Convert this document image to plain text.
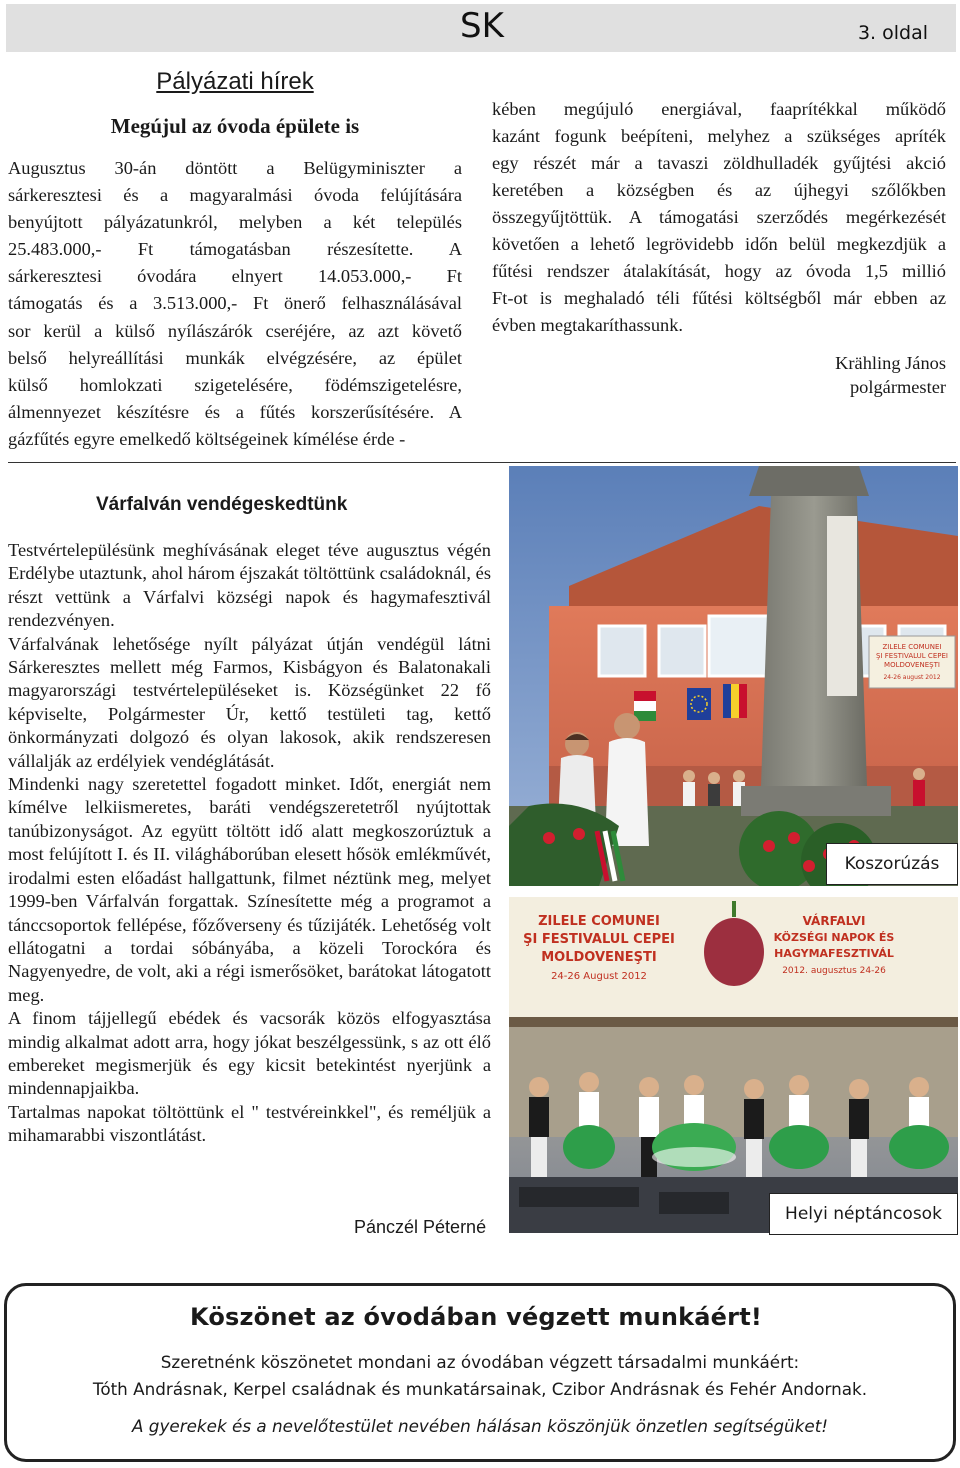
SK	3. oldal
Pályázati hírek
Megújul az óvoda épülete is
Augusztus 30-án döntött a Belügyminiszter a
sárkeresztesi és a magyaralmási óvoda felújítására
benyújtott pályázatunkról, melyben a két település
25.483.000,- Ft támogatásban részesítette. A
sárkeresztesi óvodára elnyert 14.053.000,- Ft
támogatás és a 3.513.000,- Ft önerő felhasználásával
sor kerül a külső nyílászárók cseréjére, az azt követő
belső helyreállítási munkák elvégzésére, az épület
külső homlokzati szigetelésére, födémszigetelésre,
álmennyezet készítésre és a fűtés korszerűsítésére. A
gázfűtés egyre emelkedő költségeinek kímélése érde -
kében megújuló energiával, faaprítékkal működő
kazánt fogunk beépíteni, melyhez a szükséges apríték
egy részét már a tavaszi zöldhulladék gyűjtési akció
keretében a községben és az újhegyi szőlőkben
összegyűjtöttük. A támogatási szerződés megérkezését
követően a lehető legrövidebb időn belül megkezdjük a
fűtési rendszer átalakítását, hogy az óvoda 1,5 millió
Ft-ot is meghaladó téli fűtési költségből már ebben az
évben megtakaríthassunk.
Krähling János
polgármester
Várfalván vendégeskedtünk

Testvértelepülésünk meghívásának eleget téve augusztus végén Erdélybe utaztunk, ahol három éjszakát töltöttünk családoknál, és részt vettünk a Várfalvi községi napok és hagymafesztivál rendezvényen.

Várfalvának lehetősége nyílt pályázat útján vendégül látni Sárkeresztes mellett még Farmos, Kisbágyon és Balatonakali magyarországi testvértelepüléseket is. Községünket 22 fő képviselte, Polgármester Úr, kettő testületi tag, kettő önkormányzati dolgozó és olyan lakosok, akik rendszeresen vállalják az erdélyiek vendéglátását.

Mindenki nagy szeretettel fogadott minket. Időt, energiát nem kímélve lelkiismeretes, baráti vendégszeretetről nyújtottak tanúbizonyságot. Az együtt töltött idő alatt megkoszorúztuk a most felújított I. és II. világháborúban elesett hősök emlékművét, irodalmi esten előadást hallgattunk, filmet néztünk meg, melyet 1999-ben Várfalván forgattak. Színesítette még a programot a tánccsoportok fellépése, főzőverseny és tűzijáték. Lehetőség volt ellátogatni a tordai sóbányába, a közeli Torockóra és Nagyenyedre, de volt, aki a régi ismerősöket, barátokat látogatott meg.

A finom tájjellegű ebédek és vacsorák közös elfogyasztása mindig alkalmat adott arra, hogy jókat beszélgessünk, s az ott élő embereket megismerjük és egy kicsit betekintést nyerjünk a mindennapjaikba.

Tartalmas napokat töltöttünk el " testvéreinkkel", és reméljük a mihamarabbi viszontlátást.

Pánczél Péterné
ZILELE COMUNEI
ŞI FESTIVALUL CEPEI
MOLDOVENEŞTI
24-26 august 2012
Koszorúzás
ZILELE COMUNEI
ŞI FESTIVALUL CEPEI
MOLDOVENEŞTI
24-26 August 2012
VÁRFALVI
KÖZSÉGI NAPOK ÉS
HAGYMAFESZTIVÁL
2012. augusztus 24-26
Helyi néptáncosok
Köszönet az óvodában végzett munkáért!
Szeretnénk köszönetet mondani az óvodában végzett társadalmi munkáért:
Tóth Andrásnak, Kerpel családnak és munkatársainak, Czibor Andrásnak és Fehér Andornak.
A gyerekek és a nevelőtestület nevében hálásan köszönjük önzetlen segítségüket!
